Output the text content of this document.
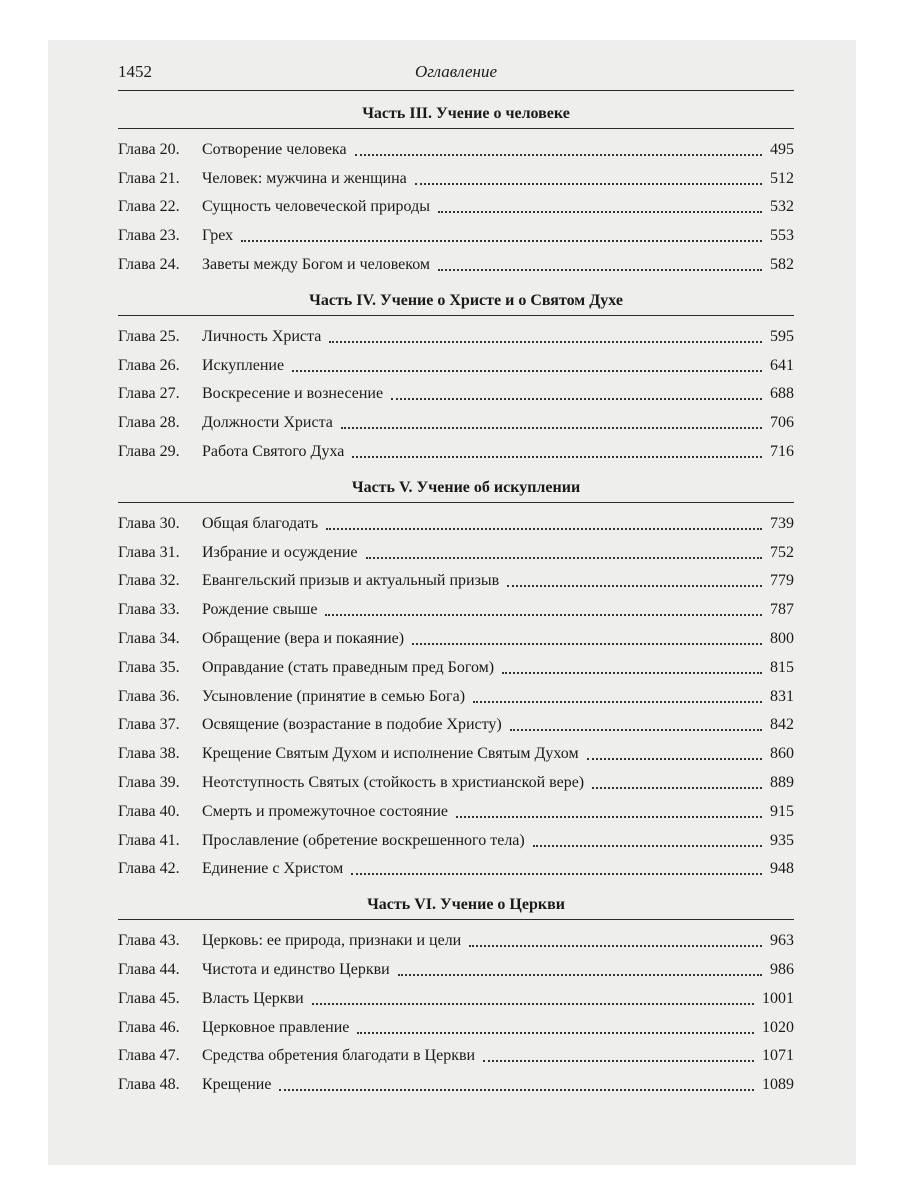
1452	Оглавление
Часть III. Учение о человеке
Глава 20.	Сотворение человека	495
Глава 21.	Человек: мужчина и женщина	512
Глава 22.	Сущность человеческой природы	532
Глава 23.	Грех	553
Глава 24.	Заветы между Богом и человеком	582
Часть IV. Учение о Христе и о Святом Духе
Глава 25.	Личность Христа	595
Глава 26.	Искупление	641
Глава 27.	Воскресение и вознесение	688
Глава 28.	Должности Христа	706
Глава 29.	Работа Святого Духа	716
Часть V. Учение об искуплении
Глава 30.	Общая благодать	739
Глава 31.	Избрание и осуждение	752
Глава 32.	Евангельский призыв и актуальный призыв	779
Глава 33.	Рождение свыше	787
Глава 34.	Обращение (вера и покаяние)	800
Глава 35.	Оправдание (стать праведным пред Богом)	815
Глава 36.	Усыновление (принятие в семью Бога)	831
Глава 37.	Освящение (возрастание в подобие Христу)	842
Глава 38.	Крещение Святым Духом и исполнение Святым Духом	860
Глава 39.	Неотступность Святых (стойкость в христианской вере)	889
Глава 40.	Смерть и промежуточное состояние	915
Глава 41.	Прославление (обретение воскрешенного тела)	935
Глава 42.	Единение с Христом	948
Часть VI. Учение о Церкви
Глава 43.	Церковь: ее природа, признаки и цели	963
Глава 44.	Чистота и единство Церкви	986
Глава 45.	Власть Церкви	1001
Глава 46.	Церковное правление	1020
Глава 47.	Средства обретения благодати в Церкви	1071
Глава 48.	Крещение	1089
